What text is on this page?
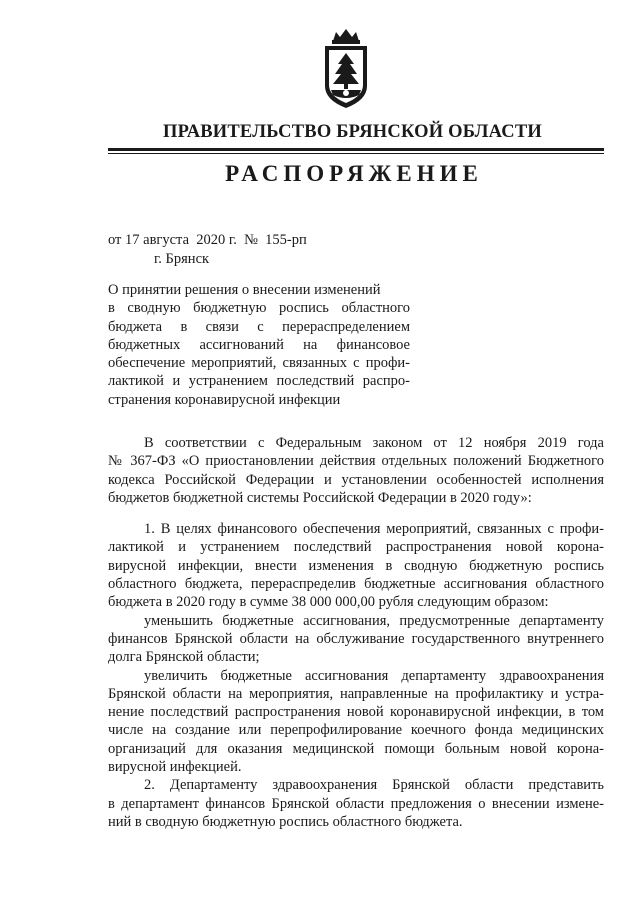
ПРАВИТЕЛЬСТВО БРЯНСКОЙ ОБЛАСТИ
РАСПОРЯЖЕНИЕ
от 17 августа  2020 г.  №  155-рп
г. Брянск
О принятии решения о внесении изменений
в сводную бюджетную роспись областного
бюджета в связи с перераспределением
бюджетных ассигнований на финансовое
обеспечение мероприятий, связанных с профи-
лактикой и устранением последствий распро-
странения коронавирусной инфекции
В соответствии с Федеральным законом от 12 ноября 2019 года
№ 367-ФЗ «О приостановлении действия отдельных положений Бюджетного
кодекса Российской Федерации и установлении особенностей исполнения
бюджетов бюджетной системы Российской Федерации в 2020 году»:
1. В целях финансового обеспечения мероприятий, связанных с профи-
лактикой и устранением последствий распространения новой корона-
вирусной инфекции, внести изменения в сводную бюджетную роспись
областного бюджета, перераспределив бюджетные ассигнования областного
бюджета в 2020 году в сумме 38 000 000,00 рубля следующим образом:
уменьшить бюджетные ассигнования, предусмотренные департаменту
финансов Брянской области на обслуживание государственного внутреннего
долга Брянской области;
увеличить бюджетные ассигнования департаменту здравоохранения
Брянской области на мероприятия, направленные на профилактику и устра-
нение последствий распространения новой коронавирусной инфекции, в том
числе на создание или перепрофилирование коечного фонда медицинских
организаций для оказания медицинской помощи больным новой корона-
вирусной инфекцией.
2. Департаменту здравоохранения Брянской области представить
в департамент финансов Брянской области предложения о внесении измене-
ний в сводную бюджетную роспись областного бюджета.
